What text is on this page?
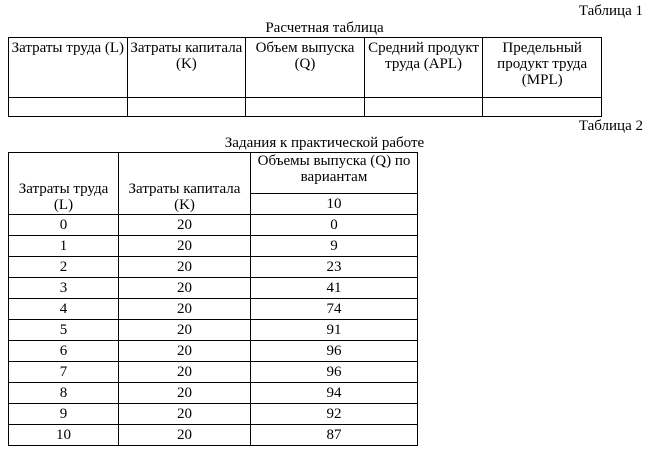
Таблица 1
Расчетная таблица
Затраты труда (L)	Затраты капитала (K)	Объем выпуска (Q)	Средний продукт труда (APL)	Предельный продукт труда (MPL)

Таблица 2
Задания к практической работе
Затраты труда (L)	Затраты капитала (K)	Объемы выпуска (Q) по вариантам
		10
0	20	0
1	20	9
2	20	23
3	20	41
4	20	74
5	20	91
6	20	96
7	20	96
8	20	94
9	20	92
10	20	87
